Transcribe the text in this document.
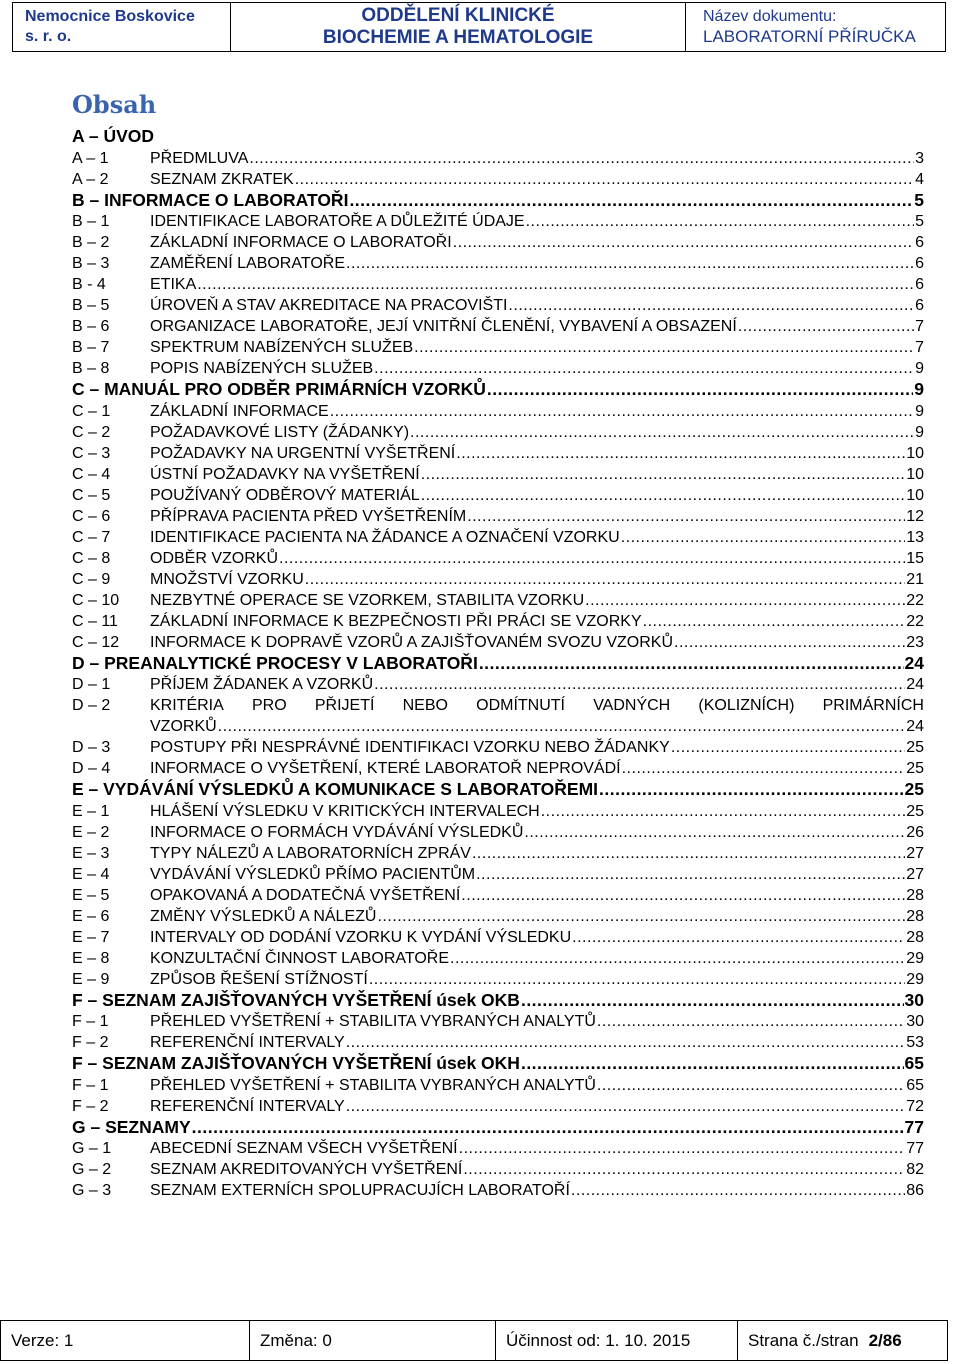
Nemocnice Boskovice
s. r. o.
ODDĚLENÍ KLINICKÉ
BIOCHEMIE A HEMATOLOGIE
Název dokumentu:
LABORATORNÍ PŘÍRUČKA
Obsah
A – ÚVOD
A – 1	PŘEDMLUVA .....	3
A – 2	SEZNAM ZKRATEK .....	4
B – INFORMACE O LABORATOŘI .....	5
B – 1	IDENTIFIKACE LABORATOŘE A DŮLEŽITÉ ÚDAJE .....	5
B – 2	ZÁKLADNÍ INFORMACE O LABORATOŘI .....	6
B – 3	ZAMĚŘENÍ LABORATOŘE .....	6
B - 4	ETIKA .....	6
B – 5	ÚROVEŇ A STAV AKREDITACE NA PRACOVIŠTI .....	6
B – 6	ORGANIZACE LABORATOŘE, JEJÍ VNITŘNÍ ČLENĚNÍ, VYBAVENÍ A OBSAZENÍ .....	7
B – 7	SPEKTRUM NABÍZENÝCH SLUŽEB .....	7
B – 8	POPIS NABÍZENÝCH SLUŽEB .....	9
C – MANUÁL PRO ODBĚR PRIMÁRNÍCH VZORKŮ .....	9
C – 1	ZÁKLADNÍ INFORMACE .....	9
C – 2	POŽADAVKOVÉ LISTY (ŽÁDANKY) .....	9
C – 3	POŽADAVKY NA URGENTNÍ VYŠETŘENÍ .....	10
C – 4	ÚSTNÍ POŽADAVKY NA VYŠETŘENÍ .....	10
C – 5	POUŽÍVANÝ ODBĚROVÝ MATERIÁL .....	10
C – 6	PŘÍPRAVA PACIENTA PŘED VYŠETŘENÍM .....	12
C – 7	IDENTIFIKACE PACIENTA NA ŽÁDANCE A OZNAČENÍ VZORKU .....	13
C – 8	ODBĚR VZORKŮ .....	15
C – 9	MNOŽSTVÍ VZORKU .....	21
C – 10	NEZBYTNÉ OPERACE SE VZORKEM, STABILITA VZORKU .....	22
C – 11	ZÁKLADNÍ INFORMACE K BEZPEČNOSTI PŘI PRÁCI SE VZORKY .....	22
C – 12	INFORMACE K DOPRAVĚ VZORŮ A ZAJIŠŤOVANÉM SVOZU VZORKŮ .....	23
D – PREANALYTICKÉ PROCESY V LABORATOŘI .....	24
D – 1	PŘÍJEM ŽÁDANEK A VZORKŮ .....	24
D – 2	KRITÉRIA PRO PŘIJETÍ NEBO ODMÍTNUTÍ VADNÝCH (KOLIZNÍCH) PRIMÁRNÍCH
VZORKŮ .....	24
D – 3	POSTUPY PŘI NESPRÁVNÉ IDENTIFIKACI VZORKU NEBO ŽÁDANKY .....	25
D – 4	INFORMACE O VYŠETŘENÍ, KTERÉ LABORATOŘ NEPROVÁDÍ .....	25
E – VYDÁVÁNÍ VÝSLEDKŮ A KOMUNIKACE S LABORATOŘEMI .....	25
E – 1	HLÁŠENÍ VÝSLEDKU V KRITICKÝCH INTERVALECH .....	25
E – 2	INFORMACE O FORMÁCH VYDÁVÁNÍ VÝSLEDKŮ .....	26
E – 3	TYPY NÁLEZŮ A LABORATORNÍCH ZPRÁV .....	27
E – 4	VYDÁVÁNÍ VÝSLEDKŮ PŘÍMO PACIENTŮM .....	27
E – 5	OPAKOVANÁ A DODATEČNÁ VYŠETŘENÍ .....	28
E – 6	ZMĚNY VÝSLEDKŮ A NÁLEZŮ .....	28
E – 7	INTERVALY OD DODÁNÍ VZORKU K VYDÁNÍ VÝSLEDKU .....	28
E – 8	KONZULTAČNÍ ČINNOST LABORATOŘE .....	29
E – 9	ZPŮSOB ŘEŠENÍ STÍŽNOSTÍ .....	29
F – SEZNAM ZAJIŠŤOVANÝCH VYŠETŘENÍ úsek OKB .....	30
F – 1	PŘEHLED VYŠETŘENÍ + STABILITA VYBRANÝCH ANALYTŮ .....	30
F – 2	REFERENČNÍ INTERVALY .....	53
F – SEZNAM ZAJIŠŤOVANÝCH VYŠETŘENÍ úsek OKH .....	65
F – 1	PŘEHLED VYŠETŘENÍ + STABILITA VYBRANÝCH ANALYTŮ .....	65
F – 2	REFERENČNÍ INTERVALY .....	72
G – SEZNAMY .....	77
G – 1	ABECEDNÍ SEZNAM VŠECH VYŠETŘENÍ .....	77
G – 2	SEZNAM AKREDITOVANÝCH VYŠETŘENÍ .....	82
G – 3	SEZNAM EXTERNÍCH SPOLUPRACUJÍCH LABORATOŘÍ .....	86
Verze: 1	Změna: 0	Účinnost od: 1. 10. 2015	Strana č./stran 2/86
